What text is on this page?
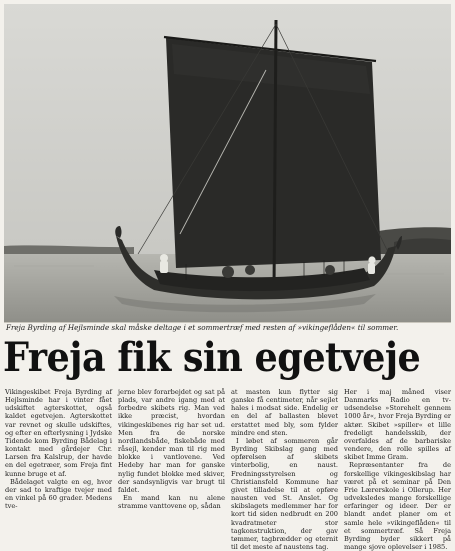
Freja Byrding af Hejlsminde skal måske deltage i et sommertræf med resten af »vikingeflåden« til sommer.
Freja fik sin egetveje

Vikingeskibet Freja Byrding af Hejlsminde har i vinter fået udskiftet agterskottet, også kaldet egetvejen. Agterskottet var revnet og skulle udskiftes, og efter en efterlysning i Jydske Tidende kom Byrding Bådelag i kontakt med gårdejer Chr. Larsen fra Kalslrup, der havde en del egetræer, som Freja fint kunne bruge et af.

Bådelaget valgte en eg, hvor der sad to kraftige tvejer med en vinkel på 60 grader. Medens tve-

jerne blev forarbejdet og sat på plads, var andre igang med at forbedre skibets rig. Man ved ikke præcist, hvordan vikingeskibenes rig har set ud. Men fra de norske nordlandsbåde, fiskebåde med råsejl, kender man til rig med blokke i vantlovene. Ved Hedeby har man for ganske nylig fundet blokke med skiver, der sandsynligvis var brugt til faldet.

En mand kan nu alene stramme vanttovene op, sådan

at masten kun flytter sig ganske få centimeter, når sejlet hales i modsat side. Endelig er en del af ballasten blevet erstattet med bly, som fylder mindre end sten.

I løbet af sommeren går Byrding Skibslag gang med opførelsen af skibets vinterbolig, en naust. Fredningsstyrelsen og Christiansfeld Kommune har givet tilladelse til at opføre nausten ved St. Anslet. Og skibslagets medlemmer har for kort tid siden nedbrudt en 200 kvadratmeter stor tagkonstruktion, der gav tømmer, tagbrædder og eternit til det meste af naustens tag.

Her i maj måned viser Danmarks Radio en tv-udsendelse »Storehelt gennem 1000 år«, hvor Freja Byrding er aktør. Skibet »spiller« et lille fredeligt handelsskib, der overfaldes af de barbariske vendere, den rolle spilles af skibet Imme Gram.

Repræsentanter fra de forskellige vikingeskibslag har været på et seminar på Den Frie Lærerskole i Ollerup. Her udveksledes mange forskellige erfaringer og ideer. Der er blandt andet planer om et samle hele »vikingeflåden« til et sommertræf. Så Freja Byrding byder sikkert på mange sjove oplevelser i 1985.
